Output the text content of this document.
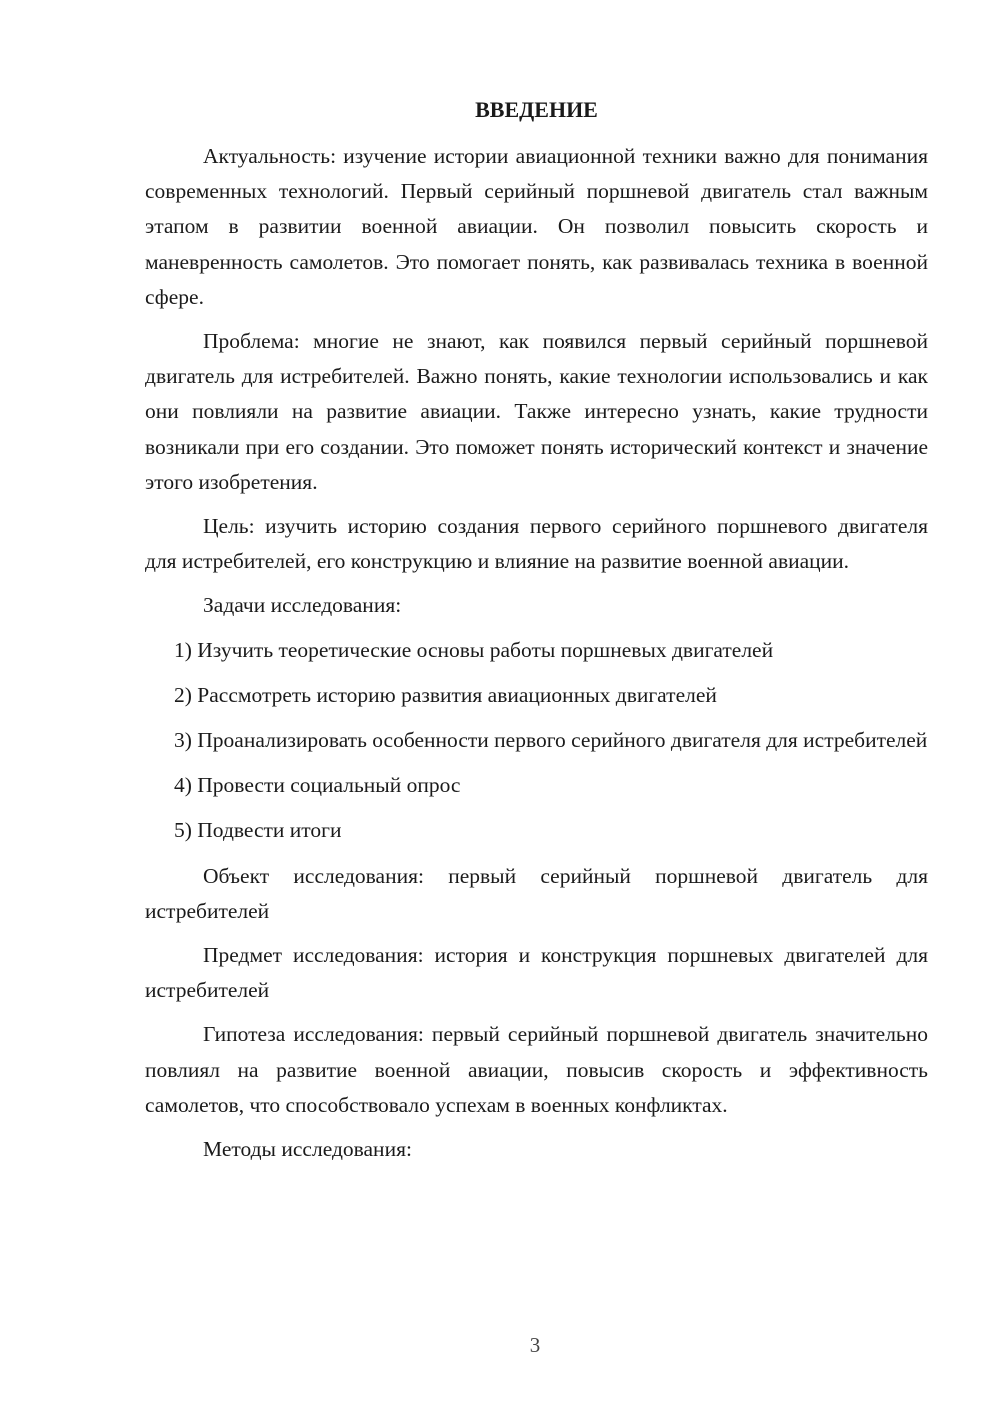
ВВЕДЕНИЕ

Актуальность: изучение истории авиационной техники важно для понимания современных технологий. Первый серийный поршневой двигатель стал важным этапом в развитии военной авиации. Он позволил повысить скорость и маневренность самолетов. Это помогает понять, как развивалась техника в военной сфере.

Проблема: многие не знают, как появился первый серийный поршневой двигатель для истребителей. Важно понять, какие технологии использовались и как они повлияли на развитие авиации. Также интересно узнать, какие трудности возникали при его создании. Это поможет понять исторический контекст и значение этого изобретения.

Цель: изучить историю создания первого серийного поршневого двигателя для истребителей, его конструкцию и влияние на развитие военной авиации.

Задачи исследования:

1) Изучить теоретические основы работы поршневых двигателей

2) Рассмотреть историю развития авиационных двигателей

3) Проанализировать особенности первого серийного двигателя для истребителей

4) Провести социальный опрос

5) Подвести итоги

Объект исследования: первый серийный поршневой двигатель для истребителей

Предмет исследования: история и конструкция поршневых двигателей для истребителей

Гипотеза исследования: первый серийный поршневой двигатель значительно повлиял на развитие военной авиации, повысив скорость и эффективность самолетов, что способствовало успехам в военных конфликтах.

Методы исследования:

3
